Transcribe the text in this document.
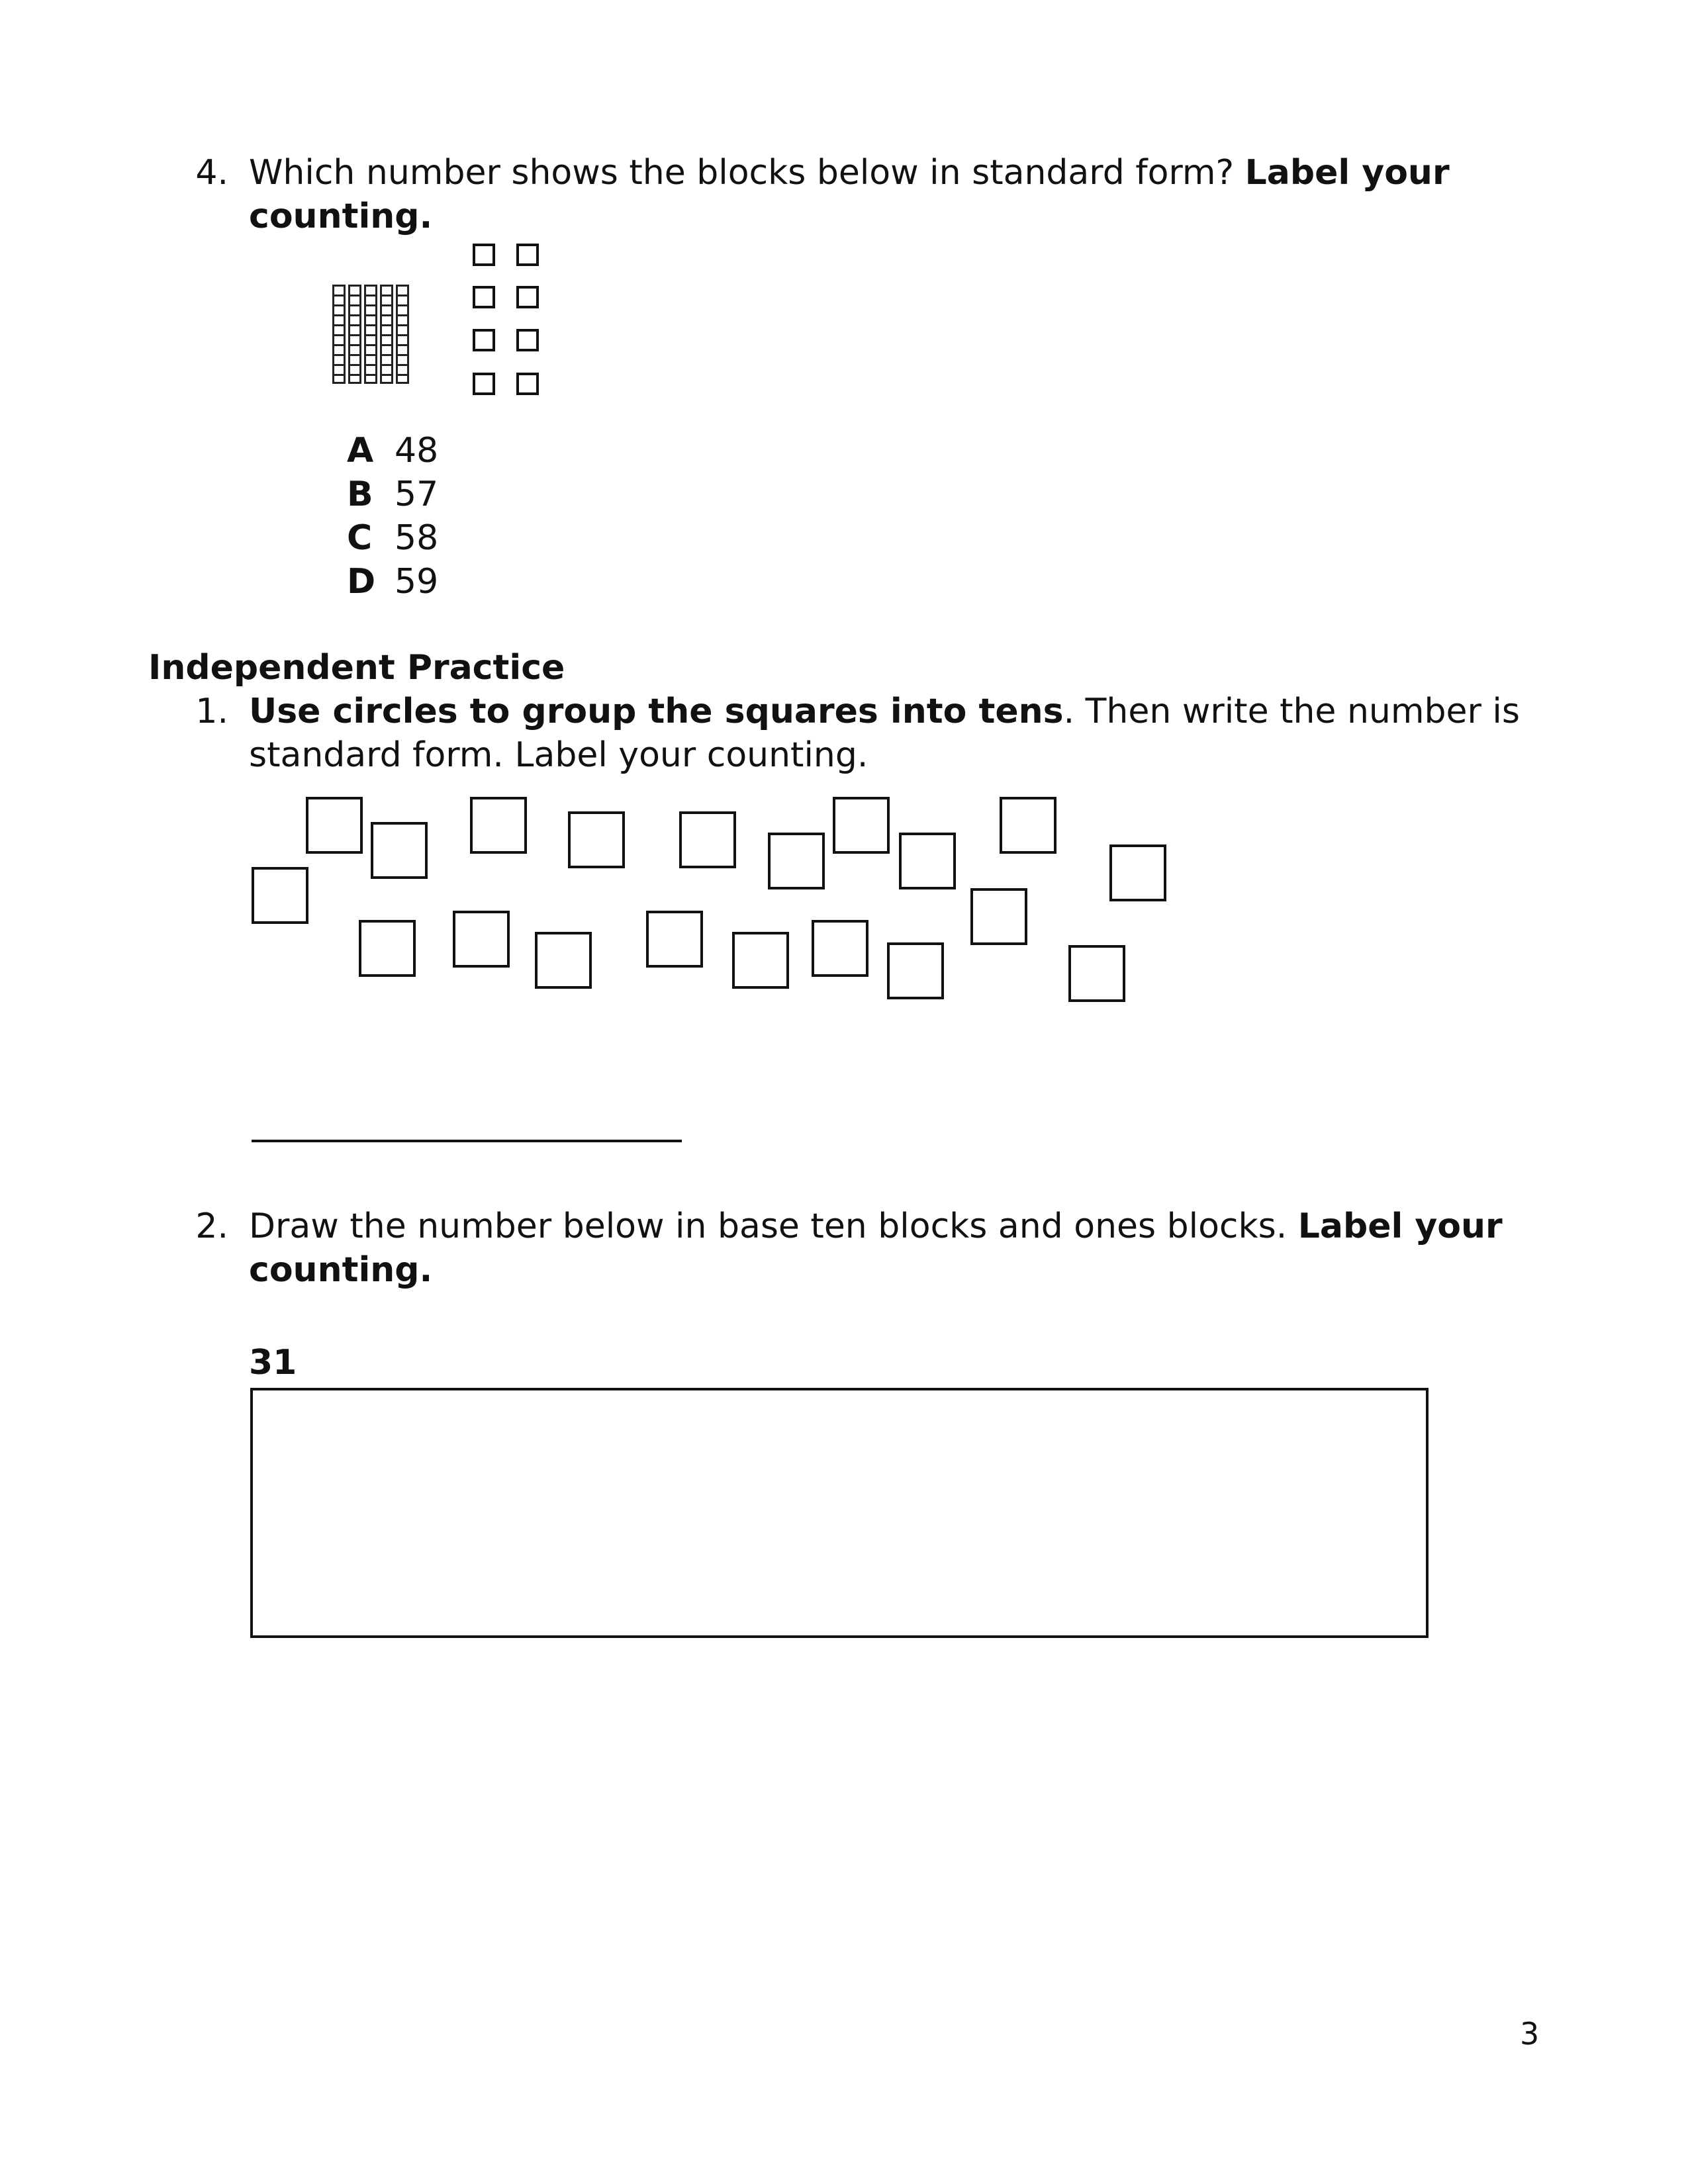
4. Which number shows the blocks below in standard form? Label your
counting.
A 48
B 57
C 58
D 59
Independent Practice
1. Use circles to group the squares into tens. Then write the number is
standard form. Label your counting.
2. Draw the number below in base ten blocks and ones blocks. Label your
counting.
31
3
